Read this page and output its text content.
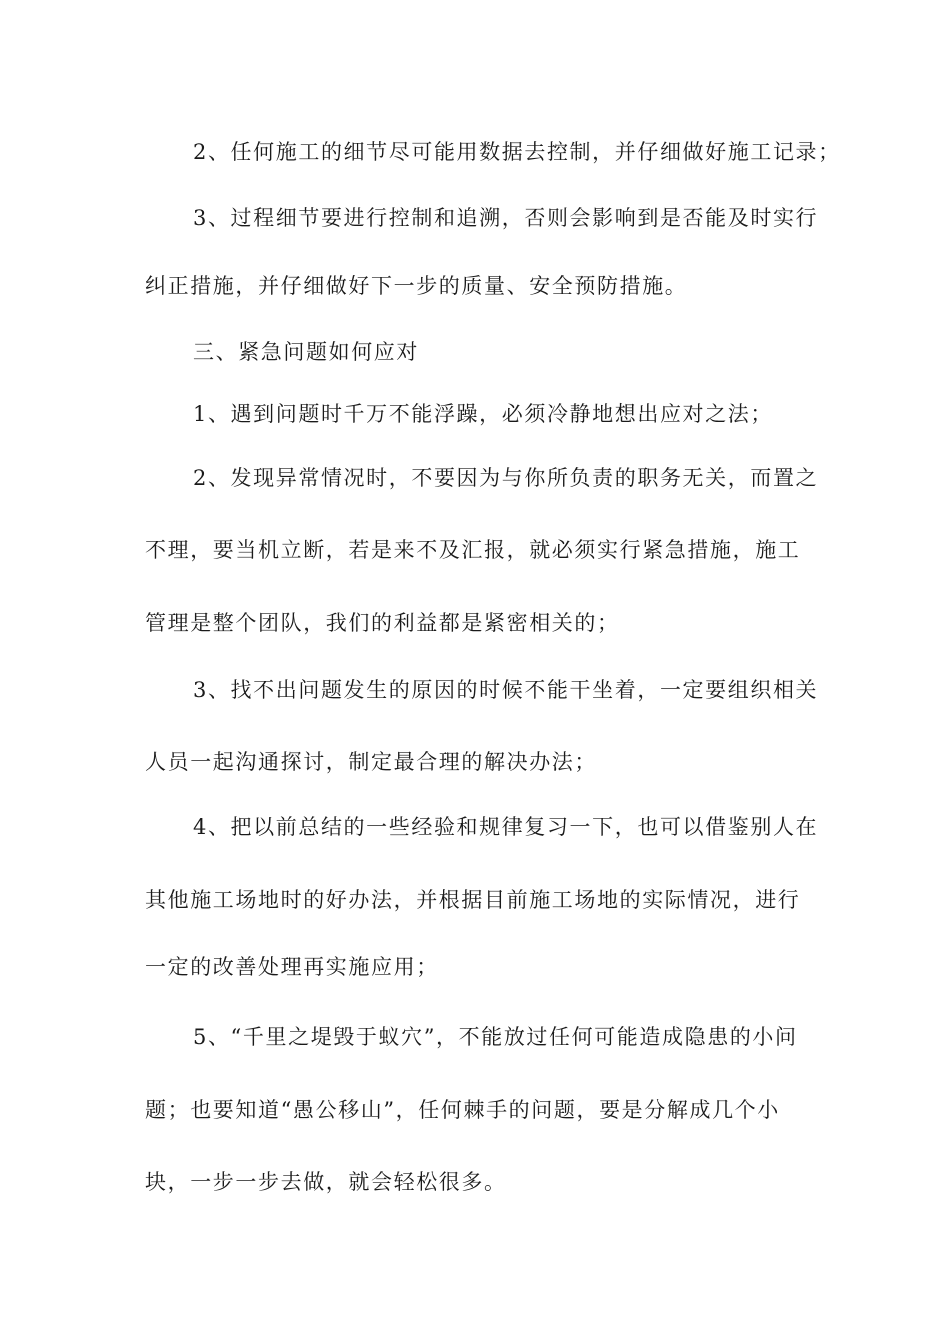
2、任何施工的细节尽可能用数据去控制，并仔细做好施工记录；
3、过程细节要进行控制和追溯，否则会影响到是否能及时实行
纠正措施，并仔细做好下一步的质量、安全预防措施。
三、紧急问题如何应对
1、遇到问题时千万不能浮躁，必须冷静地想出应对之法；
2、发现异常情况时，不要因为与你所负责的职务无关，而置之
不理，要当机立断，若是来不及汇报，就必须实行紧急措施，施工
管理是整个团队，我们的利益都是紧密相关的；
3、找不出问题发生的原因的时候不能干坐着，一定要组织相关
人员一起沟通探讨，制定最合理的解决办法；
4、把以前总结的一些经验和规律复习一下，也可以借鉴别人在
其他施工场地时的好办法，并根据目前施工场地的实际情况，进行
一定的改善处理再实施应用；
5、“千里之堤毁于蚁穴”，不能放过任何可能造成隐患的小问
题；也要知道“愚公移山”，任何棘手的问题，要是分解成几个小
块，一步一步去做，就会轻松很多。
